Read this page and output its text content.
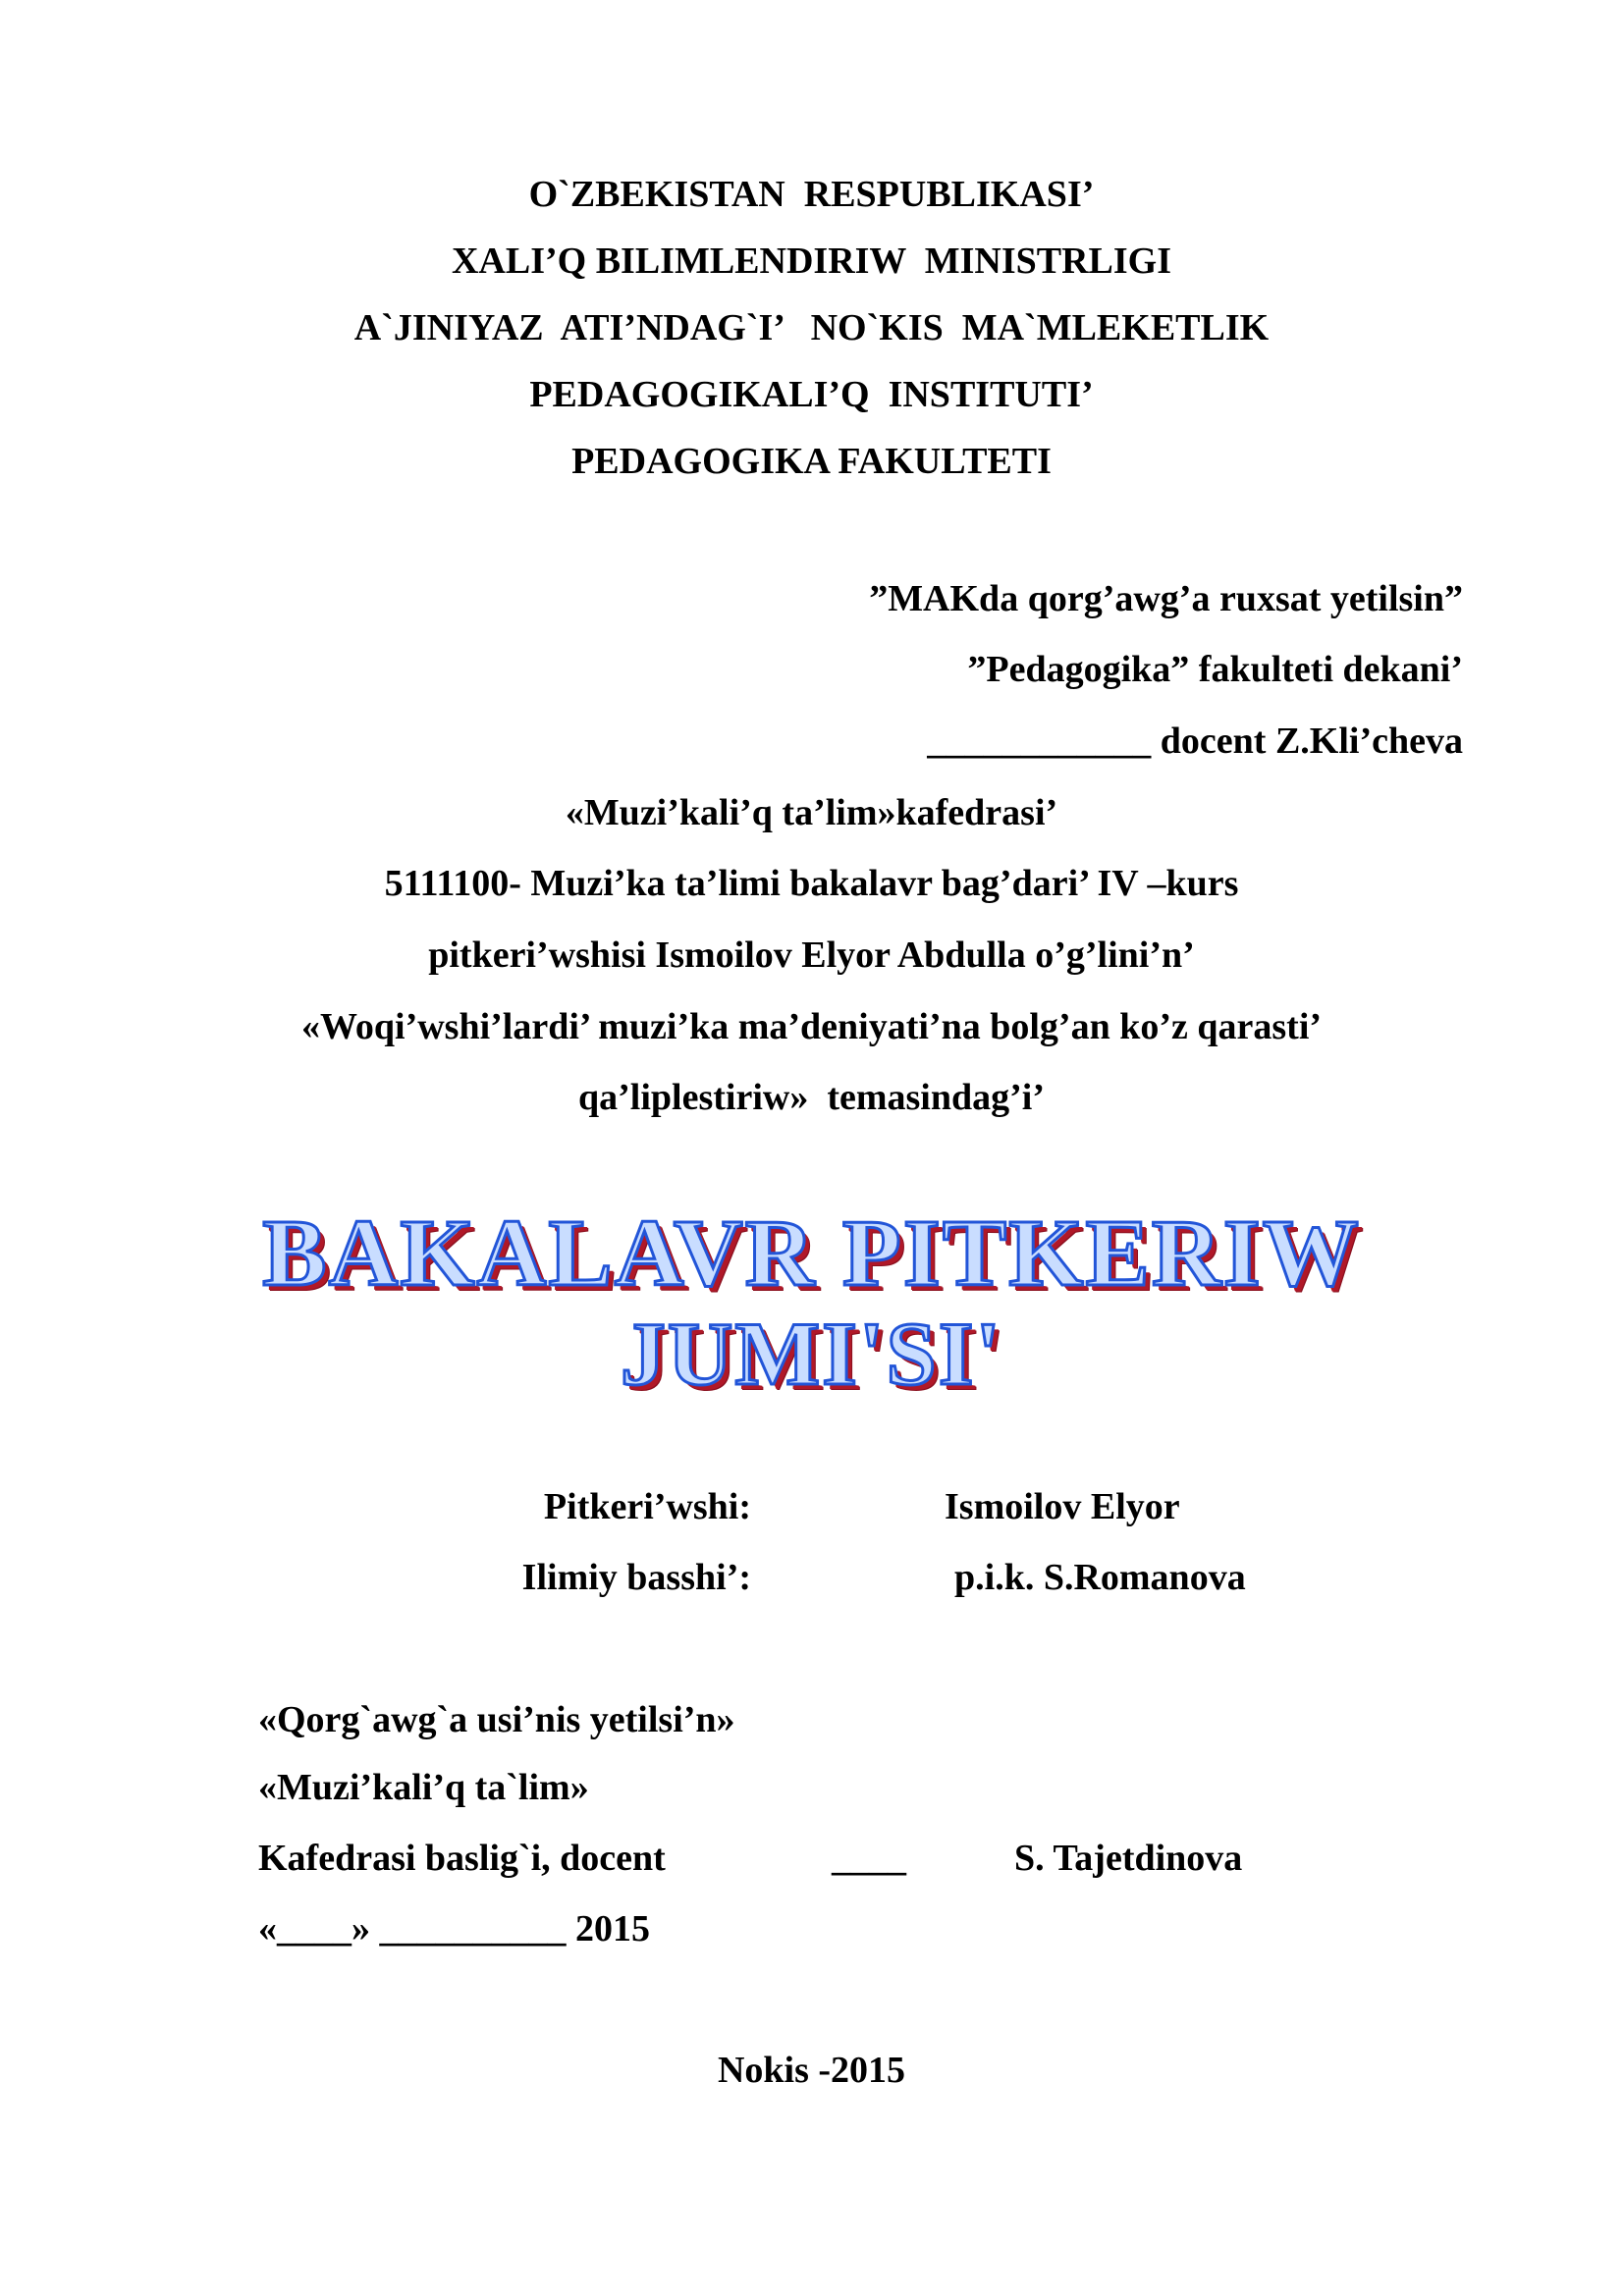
O`ZBEKISTAN  RESPUBLIKASI’
XALI’Q BILIMLENDIRIW  MINISTRLIGI
A`JINIYAZ  ATI’NDAG`I’   NO`KIS  MA`MLEKETLIK
PEDAGOGIKALI’Q  INSTITUTI’
PEDAGOGIKA FAKULTETI
”MAKda qorg’awg’a ruxsat yetilsin”
”Pedagogika” fakulteti dekani’
____________ docent Z.Kli’cheva
«Muzi’kali’q ta’lim»kafedrasi’
5111100- Muzi’ka ta’limi bakalavr bag’dari’ IV –kurs
pitkeri’wshisi Ismoilov Elyor Abdulla o’g’lini’n’
«Woqi’wshi’lardi’ muzi’ka ma’deniyati’na bolg’an ko’z qarasti’
qa’liplestiriw»  temasindag’i’
BAKALAVR PITKERIW
JUMI'SI'
Pitkeri’wshi:	Ismoilov Elyor
Ilimiy basshi’:	p.i.k. S.Romanova
«Qorg`awg`a usi’nis yetilsi’n»
«Muzi’kali’q ta`lim»
Kafedrasi baslig`i, docent	____	S. Tajetdinova
«____» __________ 2015
Nokis -2015
